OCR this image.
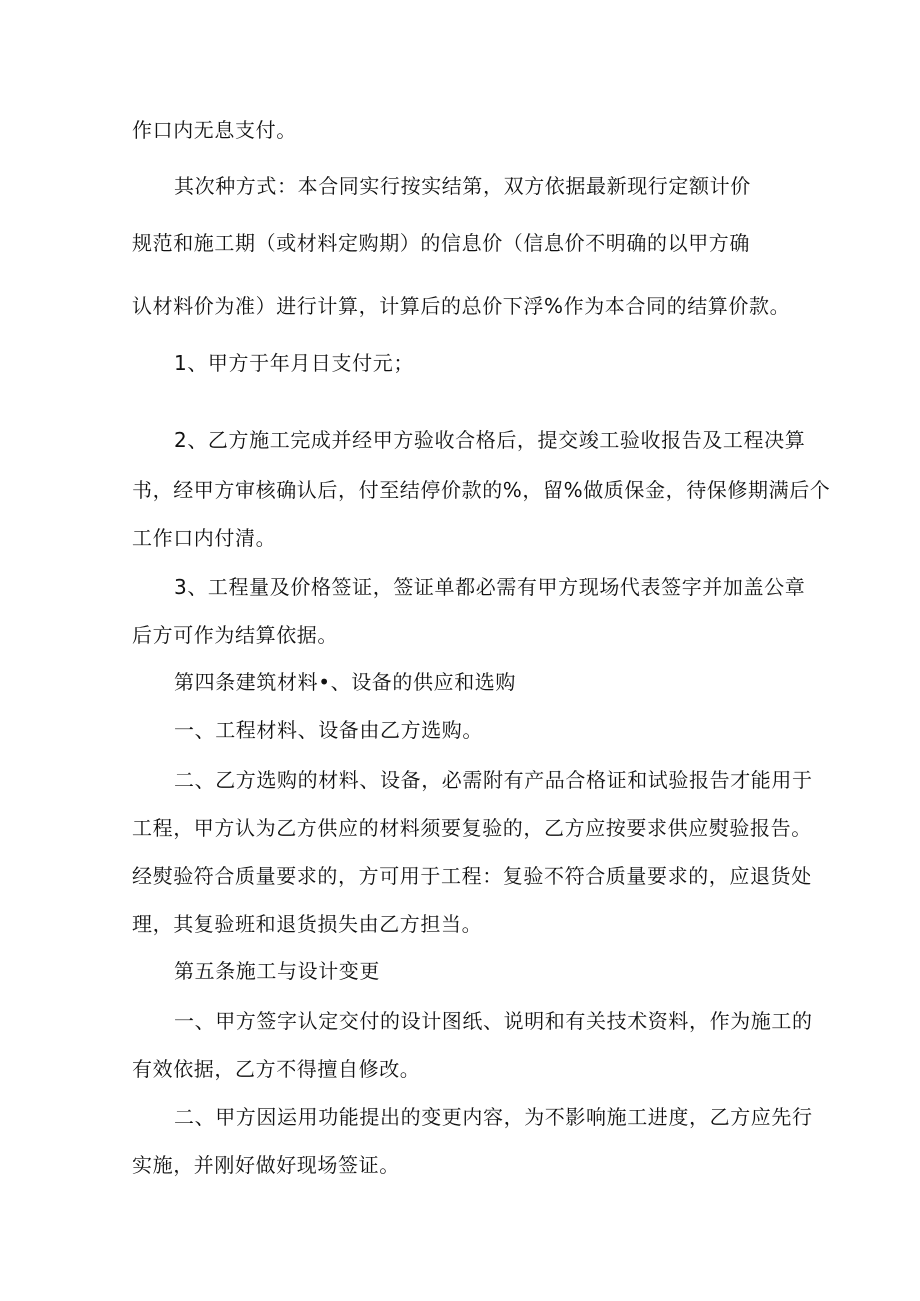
作口内无息支付。

其次种方式：本合同实行按实结第，双方依据最新现行定额计价

规范和施工期（或材料定购期）的信息价（信息价不明确的以甲方确

认材料价为准）进行计算，计算后的总价下浮%作为本合同的结算价款。

1、甲方于年月日支付元；

2、乙方施工完成并经甲方验收合格后，提交竣工验收报告及工程决算

书，经甲方审核确认后，付至结停价款的%，留%做质保金，待保修期满后个

工作口内付清。

3、工程量及价格签证，签证单都必需有甲方现场代表签字并加盖公章

后方可作为结算依据。

第四条建筑材料•、设备的供应和选购

一、工程材料、设备由乙方选购。

二、乙方选购的材料、设备，必需附有产品合格证和试验报告才能用于

工程，甲方认为乙方供应的材料须要复验的，乙方应按要求供应熨验报告。

经熨验符合质量要求的，方可用于工程：复验不符合质量要求的，应退货处

理，其复验班和退货损失由乙方担当。

第五条施工与设计变更

一、甲方签字认定交付的设计图纸、说明和有关技术资料，作为施工的

有效依据，乙方不得擅自修改。

二、甲方因运用功能提出的变更内容，为不影响施工进度，乙方应先行

实施，并刚好做好现场签证。
